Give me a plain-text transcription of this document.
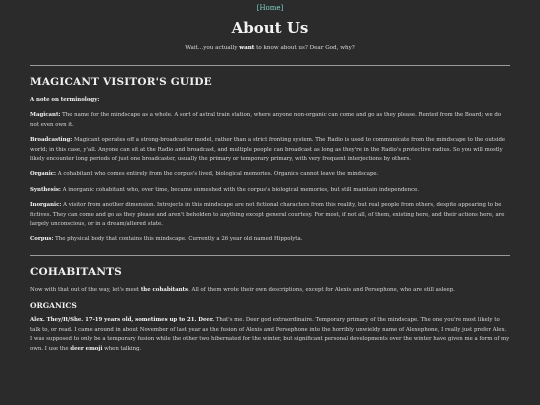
[Home]
About Us
Wait...you actually want to know about us? Dear God, why?
MAGICANT VISITOR'S GUIDE

A note on terminology:

Magicant: The name for the mindscape as a whole. A sort of astral train station, where anyone non-organic can come and go as they please. Rented from the Board; we do not even own it.

Broadcasting: Magicant operates off a strong-broadcaster model, rather than a strict fronting system. The Radio is used to communicate from the mindscape to the outside world; in this case, y'all. Anyone can sit at the Radio and broadcast, and multiple people can broadcast as long as they're in the Radio's protective radius. So you will mostly likely encounter long periods of just one broadcaster, usually the primary or temporary primary, with very frequent interjections by others.

Organic: A cohabitant who comes entirely from the corpus's lived, biological memories. Organics cannot leave the mindscape.

Synthesis: A inorganic cohabitant who, over time, became enmeshed with the corpus's biological memories, but still maintain independence.

Inorganic: A visitor from another dimension. Introjects in this mindscape are not fictional characters from this reality, but real people from others, despite appearing to be fictives. They can come and go as they please and aren't beholden to anything except general courtesy. For most, if not all, of them, existing here, and their actions here, are largely unconscious, or in a dream/altered state.

Corpus: The physical body that contains this mindscape. Currently a 26 year old named Hippolyta.

COHABITANTS

Now with that out of the way, let's meet the cohabitants. All of them wrote their own descriptions, except for Alexis and Persephone, who are still asleep.

ORGANICS

Alex. They/It/She. 17-19 years old, sometimes up to 21. Deer. That's me. Deer god extraordinaire. Temporary primary of the mindscape. The one you're most likely to talk to, or read. I came around in about November of last year as the fusion of Alexis and Persephone into the horribly unwieldy name of Alexephone, I really just prefer Alex. I was supposed to only be a temporary fusion while the other two hibernated for the winter, but significant personal developments over the winter have given me a form of my own. I use the deer emoji when talking.
